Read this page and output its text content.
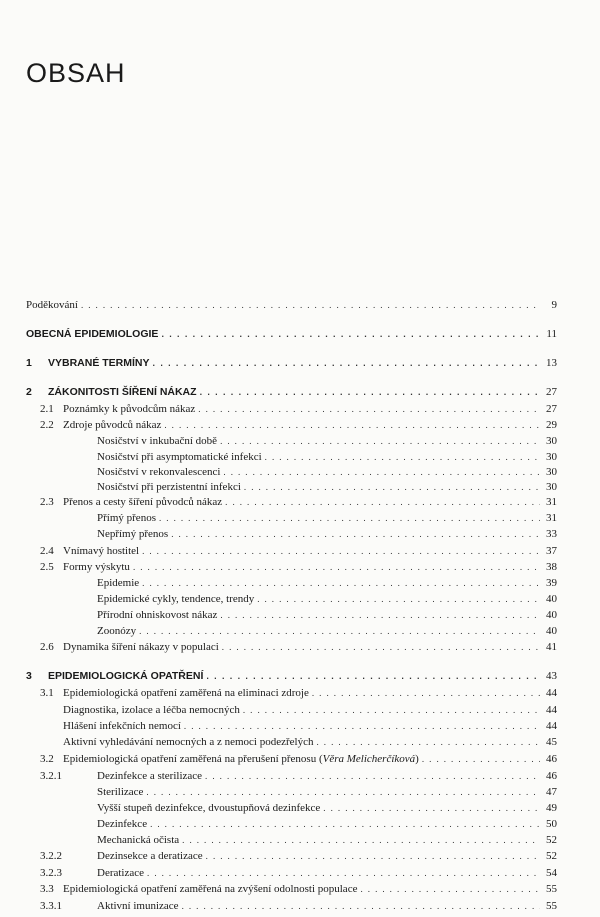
OBSAH
Poděkování . . .	9
OBECNÁ EPIDEMIOLOGIE . . .	11
1	VYBRANÉ TERMÍNY . . .	13
2	ZÁKONITOSTI ŠÍŘENÍ NÁKAZ . . .	27
2.1 Poznámky k původcům nákaz . . .	27
2.2 Zdroje původců nákaz . . .	29
Nosičství v inkubační době . . .	30
Nosičství při asymptomatické infekci . . .	30
Nosičství v rekonvalescenci . . .	30
Nosičství při perzistentní infekci . . .	30
2.3 Přenos a cesty šíření původců nákaz . . .	31
Přímý přenos . . .	31
Nepřímý přenos . . .	33
2.4 Vnímavý hostitel . . .	37
2.5 Formy výskytu . . .	38
Epidemie . . .	39
Epidemické cykly, tendence, trendy . . .	40
Přírodní ohniskovost nákaz . . .	40
Zoonózy . . .	40
2.6 Dynamika šíření nákazy v populaci . . .	41
3	EPIDEMIOLOGICKÁ OPATŘENÍ . . .	43
3.1 Epidemiologická opatření zaměřená na eliminaci zdroje . . .	44
Diagnostika, izolace a léčba nemocných . . .	44
Hlášení infekčních nemocí . . .	44
Aktivní vyhledávání nemocných a z nemoci podezřelých . . .	45
3.2 Epidemiologická opatření zaměřená na přerušení přenosu (Věra Melicherčíková) . . .	46
3.2.1	Dezinfekce a sterilizace . . .	46
Sterilizace . . .	47
Vyšší stupeň dezinfekce, dvoustupňová dezinfekce . . .	49
Dezinfekce . . .	50
Mechanická očista . . .	52
3.2.2	Dezinsekce a deratizace . . .	52
3.2.3	Deratizace . . .	54
3.3 Epidemiologická opatření zaměřená na zvýšení odolnosti populace . . .	55
3.3.1	Aktivní imunizace . . .	55
